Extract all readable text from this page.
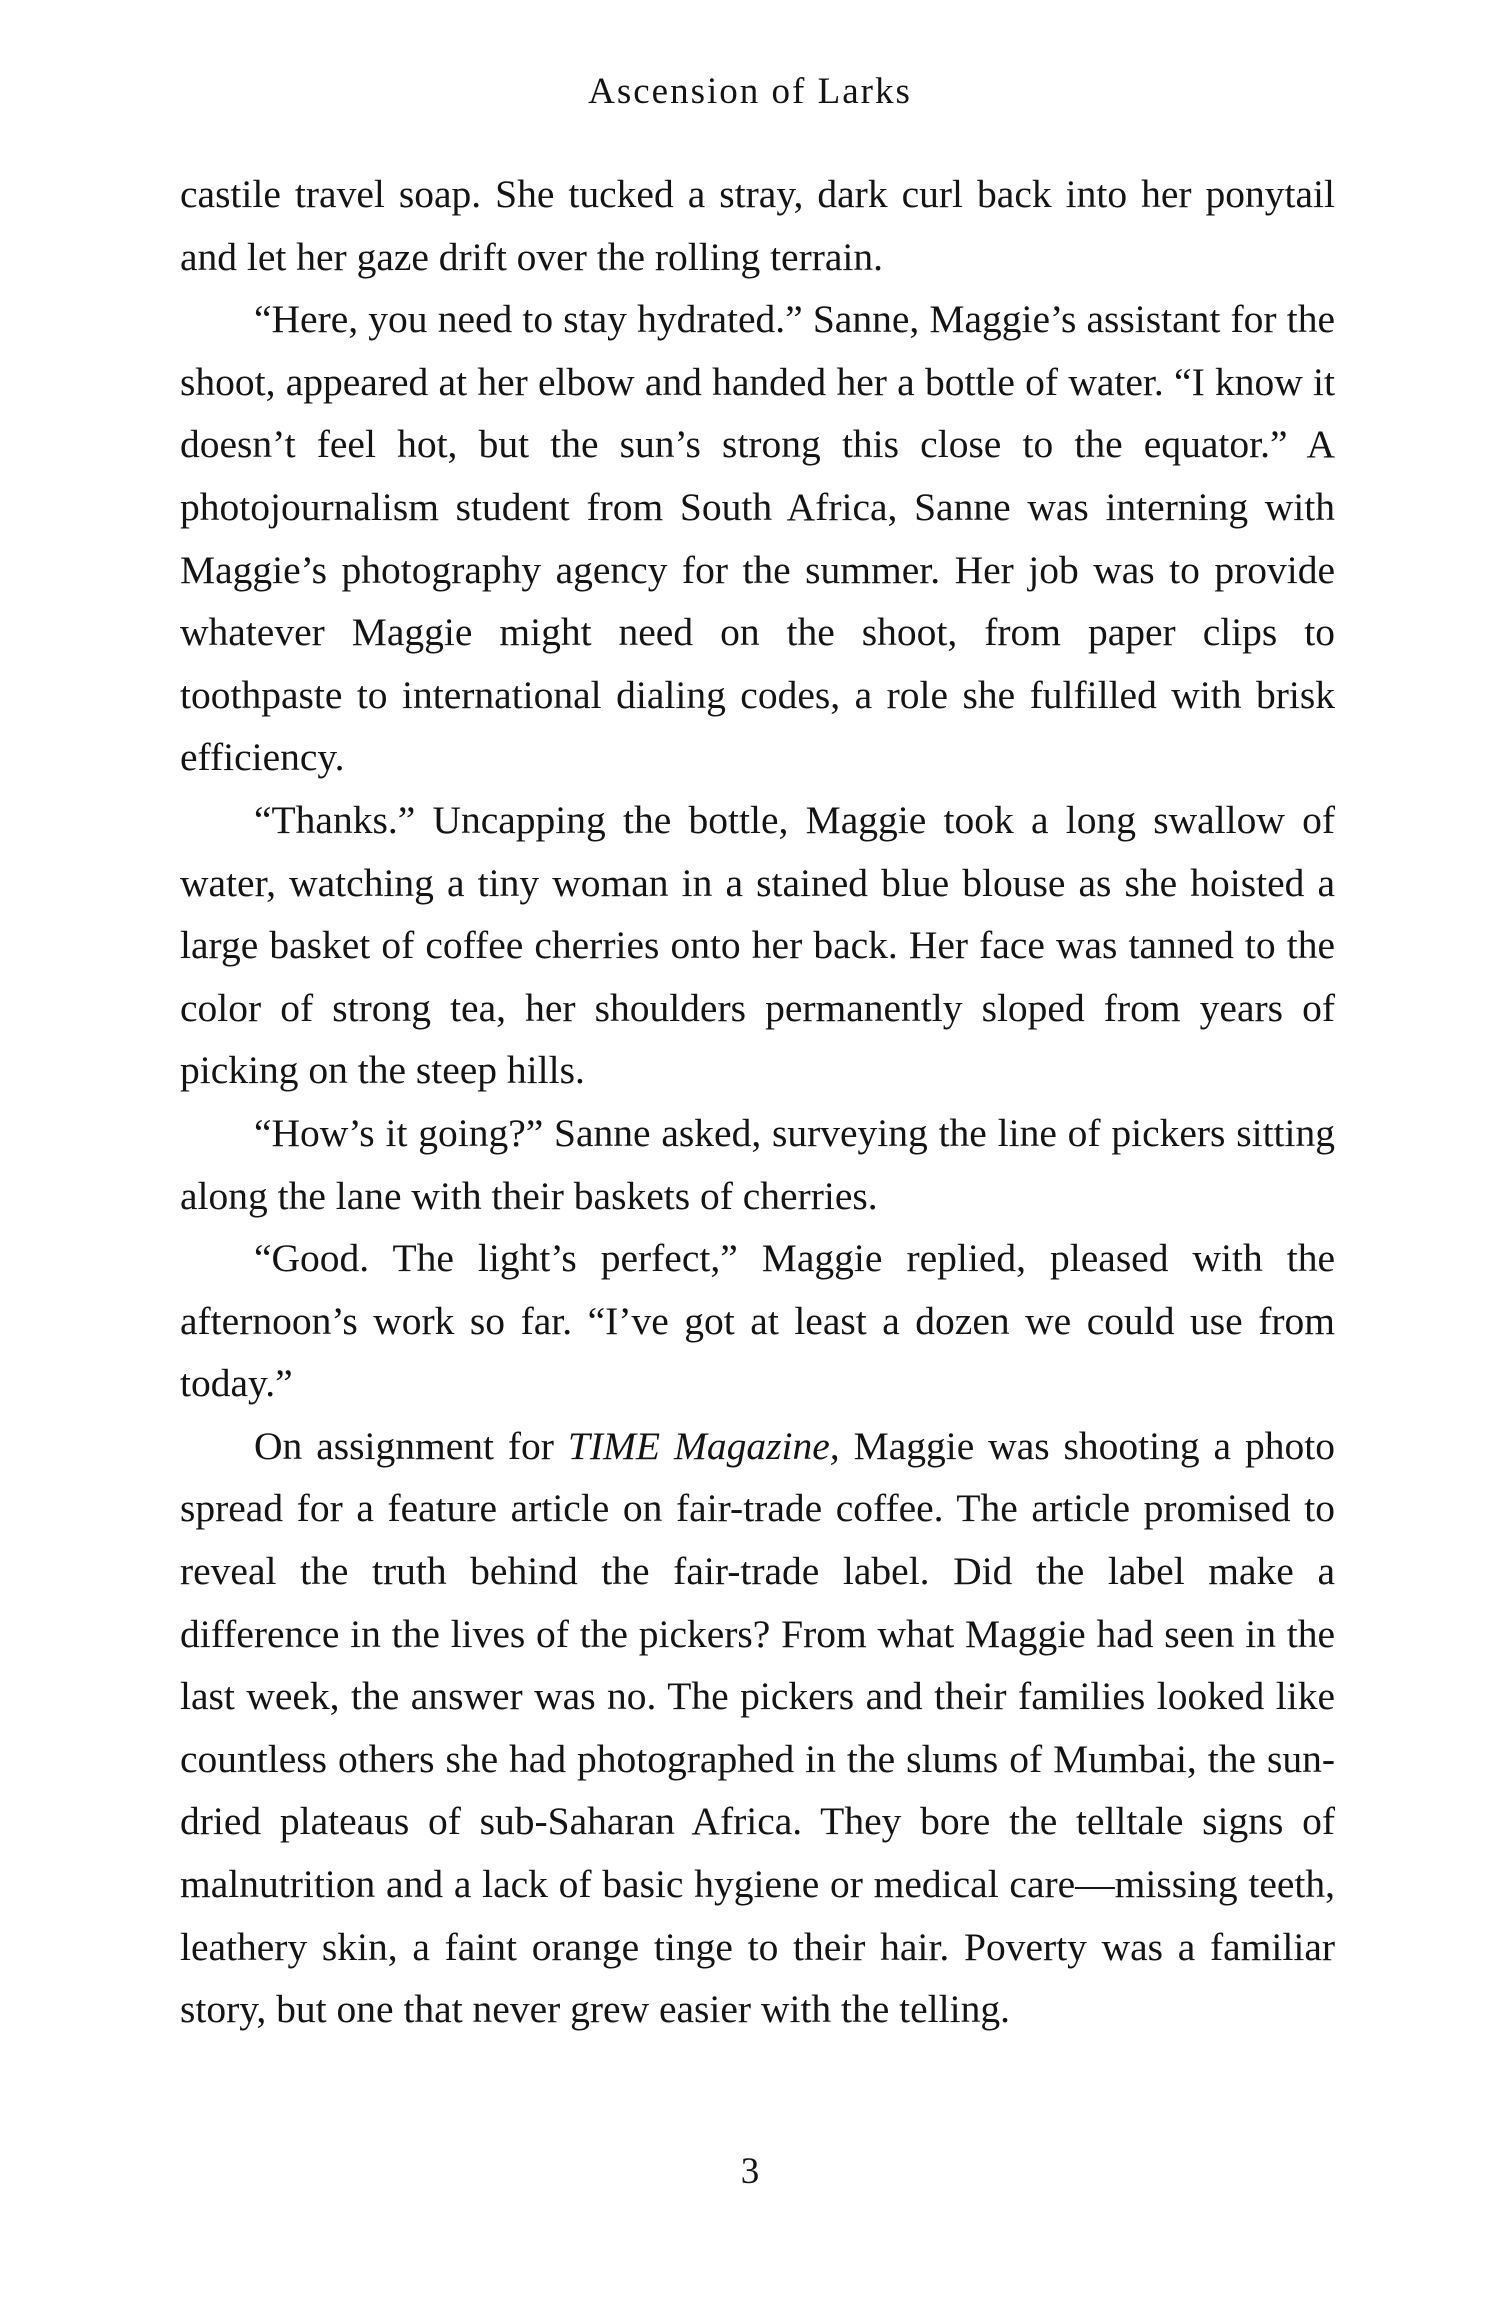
Ascension of Larks

castile travel soap. She tucked a stray, dark curl back into her ponytail and let her gaze drift over the rolling terrain.

“Here, you need to stay hydrated.” Sanne, Maggie’s assistant for the shoot, appeared at her elbow and handed her a bottle of water. “I know it doesn’t feel hot, but the sun’s strong this close to the equator.” A photojournalism student from South Africa, Sanne was interning with Maggie’s photography agency for the summer. Her job was to provide whatever Maggie might need on the shoot, from paper clips to toothpaste to international dialing codes, a role she fulfilled with brisk efficiency.

“Thanks.” Uncapping the bottle, Maggie took a long swallow of water, watching a tiny woman in a stained blue blouse as she hoisted a large basket of coffee cherries onto her back. Her face was tanned to the color of strong tea, her shoulders permanently sloped from years of picking on the steep hills.

“How’s it going?” Sanne asked, surveying the line of pickers sitting along the lane with their baskets of cherries.

“Good. The light’s perfect,” Maggie replied, pleased with the afternoon’s work so far. “I’ve got at least a dozen we could use from today.”

On assignment for TIME Magazine, Maggie was shooting a photo spread for a feature article on fair-trade coffee. The article promised to reveal the truth behind the fair-trade label. Did the label make a difference in the lives of the pickers? From what Maggie had seen in the last week, the answer was no. The pickers and their families looked like countless others she had photographed in the slums of Mumbai, the sun-dried plateaus of sub-Saharan Africa. They bore the telltale signs of malnutrition and a lack of basic hygiene or medical care—missing teeth, leathery skin, a faint orange tinge to their hair. Poverty was a familiar story, but one that never grew easier with the telling.

3
